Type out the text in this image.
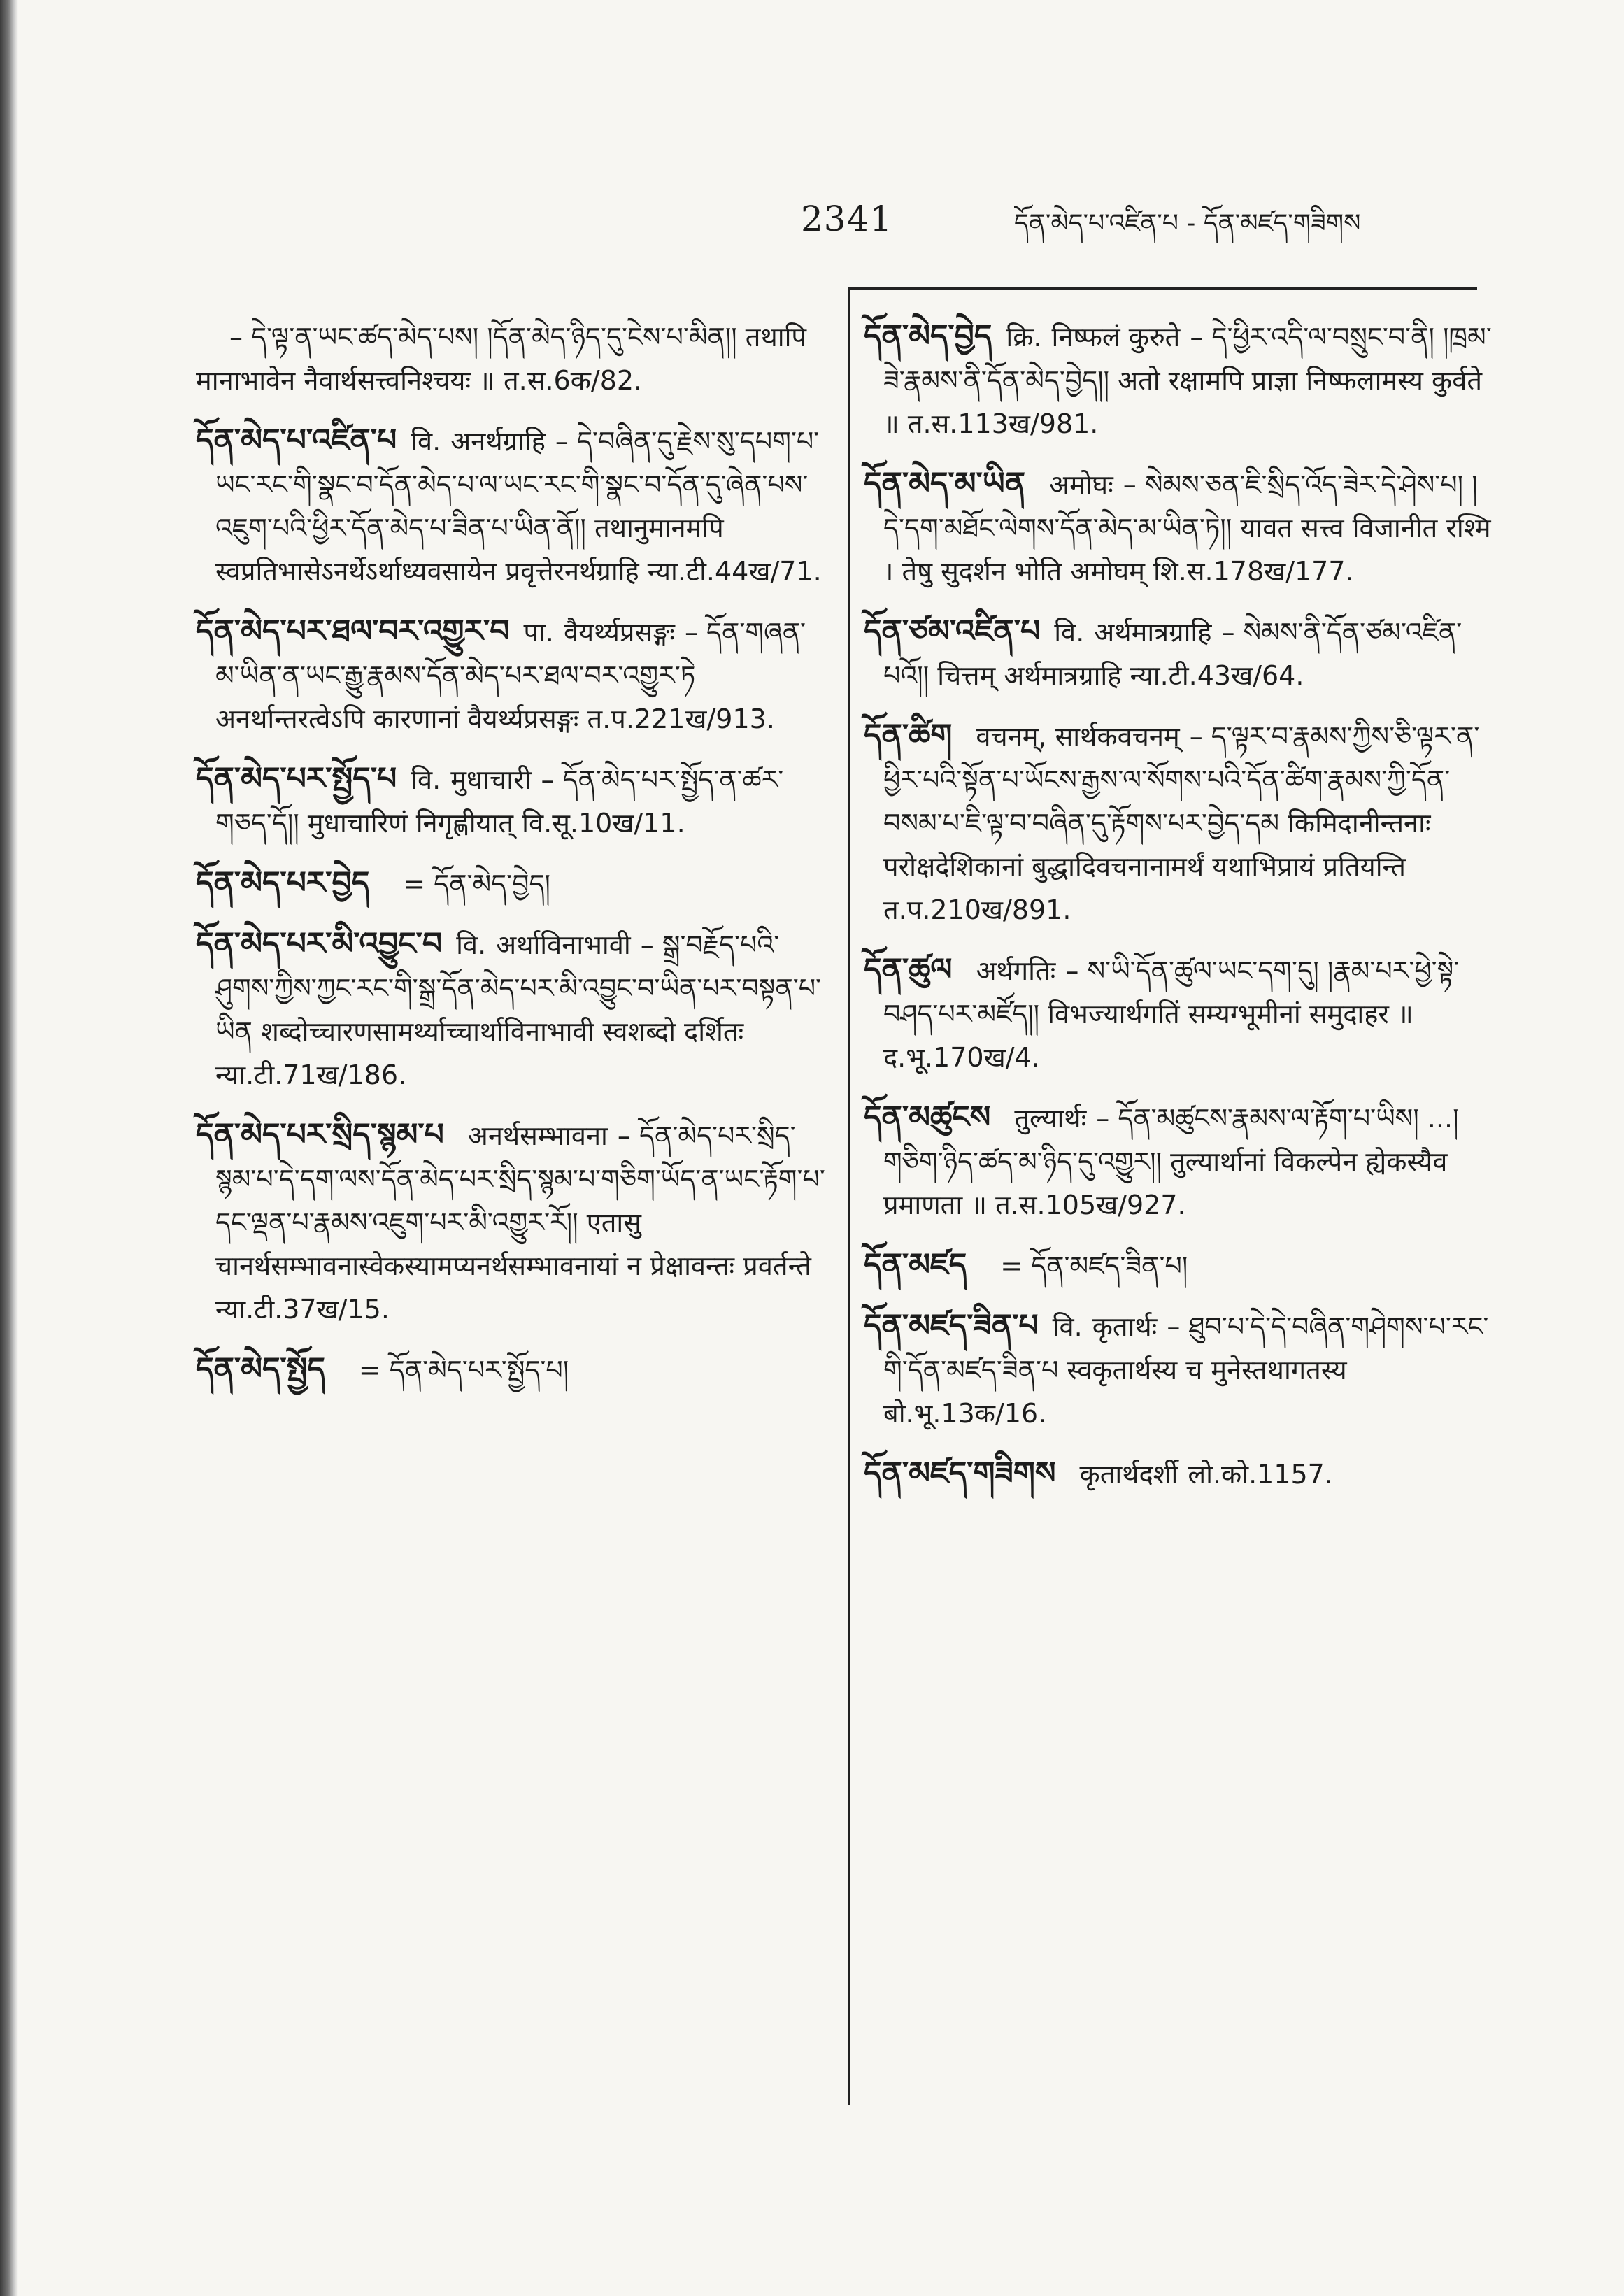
2341	དོན་མེད་པ་འཛིན་པ - དོན་མཛད་གཟིགས
– དེ་ལྟ་ན་ཡང་ཚད་མེད་པས། །དོན་མེད་ཉིད་དུ་ངེས་པ་མིན།། तथापि मानाभावेन नैवार्थसत्त्वनिश्चयः ॥ त.स.6क/82.
དོན་མེད་པ་འཛིན་པ वि. अनर्थग्राहि – དེ་བཞིན་དུ་རྗེས་སུ་དཔག་པ་ཡང་རང་གི་སྣང་བ་དོན་མེད་པ་ལ་ཡང་རང་གི་སྣང་བ་དོན་དུ་ཞེན་པས་འཇུག་པའི་ཕྱིར་དོན་མེད་པ་ཟིན་པ་ཡིན་ནོ།། तथानुमानमपि स्वप्रतिभासेऽनर्थेऽर्थाध्यवसायेन प्रवृत्तेरनर्थग्राहि न्या.टी.44ख/71.
དོན་མེད་པར་ཐལ་བར་འགྱུར་བ पा. वैयर्थ्यप्रसङ्गः – དོན་གཞན་མ་ཡིན་ན་ཡང་རྒྱུ་རྣམས་དོན་མེད་པར་ཐལ་བར་འགྱུར་ཏེ अनर्थान्तरत्वेऽपि कारणानां वैयर्थ्यप्रसङ्गः त.प.221ख/913.
དོན་མེད་པར་སྤྱོད་པ वि. मुधाचारी – དོན་མེད་པར་སྤྱོད་ན་ཚར་གཅད་དོ།། मुधाचारिणं निगृह्णीयात् वि.सू.10ख/11.
དོན་མེད་པར་བྱེད = དོན་མེད་བྱེད།
དོན་མེད་པར་མི་འབྱུང་བ वि. अर्थाविनाभावी – སྒྲ་བརྗོད་པའི་ཤུགས་ཀྱིས་ཀྱང་རང་གི་སྒྲ་དོན་མེད་པར་མི་འབྱུང་བ་ཡིན་པར་བསྟན་པ་ཡིན शब्दोच्चारणसामर्थ्याच्चार्थाविनाभावी स्वशब्दो दर्शितः न्या.टी.71ख/186.
དོན་མེད་པར་སྲིད་སྙམ་པ अनर्थसम्भावना – དོན་མེད་པར་སྲིད་སྙམ་པ་དེ་དག་ལས་དོན་མེད་པར་སྲིད་སྙམ་པ་གཅིག་ཡོད་ན་ཡང་རྟོག་པ་དང་ལྡན་པ་རྣམས་འཇུག་པར་མི་འགྱུར་རོ།། एतासु चानर्थसम्भावनास्वेकस्यामप्यनर्थसम्भावनायां न प्रेक्षावन्तः प्रवर्तन्ते न्या.टी.37ख/15.
དོན་མེད་སྤྱོད = དོན་མེད་པར་སྤྱོད་པ།
དོན་མེད་བྱེད क्रि. निष्फलं कुरुते – དེ་ཕྱིར་འདི་ལ་བསྲུང་བ་ནི། །ཁྲམ་ཟེ་རྣམས་ནི་དོན་མེད་བྱེད།། अतो रक्षामपि प्राज्ञा निष्फलामस्य कुर्वते ॥ त.स.113ख/981.
དོན་མེད་མ་ཡིན अमोघः – སེམས་ཅན་ཇི་སྲིད་འོད་ཟེར་དེ་ཤེས་པ། །དེ་དག་མཐོང་ལེགས་དོན་མེད་མ་ཡིན་ཏེ།། यावत सत्त्व विजानीत रश्मि । तेषु सुदर्शन भोति अमोघम् शि.स.178ख/177.
དོན་ཙམ་འཛིན་པ वि. अर्थमात्रग्राहि – སེམས་ནི་དོན་ཙམ་འཛིན་པའོ།། चित्तम् अर्थमात्रग्राहि न्या.टी.43ख/64.
དོན་ཚིག वचनम्, सार्थकवचनम् – ད་ལྟར་བ་རྣམས་ཀྱིས་ཅི་ལྟར་ན་ཕྱིར་པའི་སྟོན་པ་ཡོངས་རྒྱས་ལ་སོགས་པའི་དོན་ཚིག་རྣམས་ཀྱི་དོན་བསམ་པ་ཇི་ལྟ་བ་བཞིན་དུ་རྟོགས་པར་བྱེད་དམ किमिदानीन्तनाः परोक्षदेशिकानां बुद्धादिवचनानामर्थं यथाभिप्रायं प्रतियन्ति त.प.210ख/891.
དོན་ཚུལ अर्थगतिः – ས་ཡི་དོན་ཚུལ་ཡང་དག་དུ། །རྣམ་པར་ཕྱེ་སྟེ་བཤད་པར་མཛོད།། विभज्यार्थगतिं सम्यग्भूमीनां समुदाहर ॥ द.भू.170ख/4.
དོན་མཚུངས तुल्यार्थः – དོན་མཚུངས་རྣམས་ལ་རྟོག་པ་ཡིས། ...།གཅིག་ཉིད་ཚད་མ་ཉིད་དུ་འགྱུར།། तुल्यार्थानां विकल्पेन ह्येकस्यैव प्रमाणता ॥ त.स.105ख/927.
དོན་མཛད = དོན་མཛད་ཟིན་པ།
དོན་མཛད་ཟིན་པ वि. कृतार्थः – ཐུབ་པ་དེ་དེ་བཞིན་གཤེགས་པ་རང་གི་དོན་མཛད་ཟིན་པ स्वकृतार्थस्य च मुनेस्तथागतस्य बो.भू.13क/16.
དོན་མཛད་གཟིགས कृतार्थदर्शी लो.को.1157.
